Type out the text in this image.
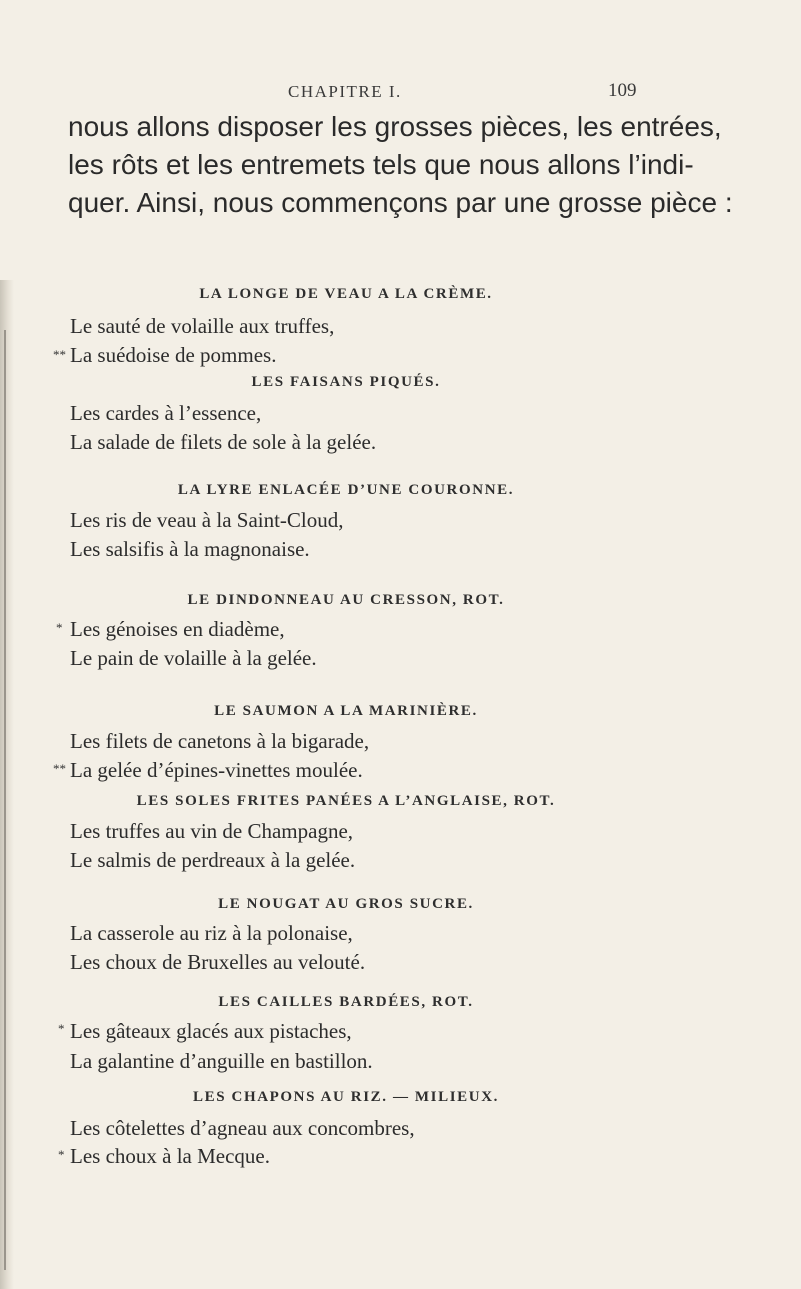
CHAPITRE I.	109
nous allons disposer les grosses pièces, les entrées,
les rôts et les entremets tels que nous allons l’indi-
quer. Ainsi, nous commençons par une grosse pièce :
LA LONGE DE VEAU A LA CRÈME.
Le sauté de volaille aux truffes,
** La suédoise de pommes.
LES FAISANS PIQUÉS.
Les cardes à l’essence,
La salade de filets de sole à la gelée.
LA LYRE ENLACÉE D’UNE COURONNE.
Les ris de veau à la Saint-Cloud,
Les salsifis à la magnonaise.
LE DINDONNEAU AU CRESSON, ROT.
* Les génoises en diadème,
Le pain de volaille à la gelée.
LE SAUMON A LA MARINIÈRE.
Les filets de canetons à la bigarade,
** La gelée d’épines-vinettes moulée.
LES SOLES FRITES PANÉES A L’ANGLAISE, ROT.
Les truffes au vin de Champagne,
Le salmis de perdreaux à la gelée.
LE NOUGAT AU GROS SUCRE.
La casserole au riz à la polonaise,
Les choux de Bruxelles au velouté.
LES CAILLES BARDÉES, ROT.
* Les gâteaux glacés aux pistaches,
La galantine d’anguille en bastillon.
LES CHAPONS AU RIZ. — MILIEUX.
Les côtelettes d’agneau aux concombres,
* Les choux à la Mecque.
